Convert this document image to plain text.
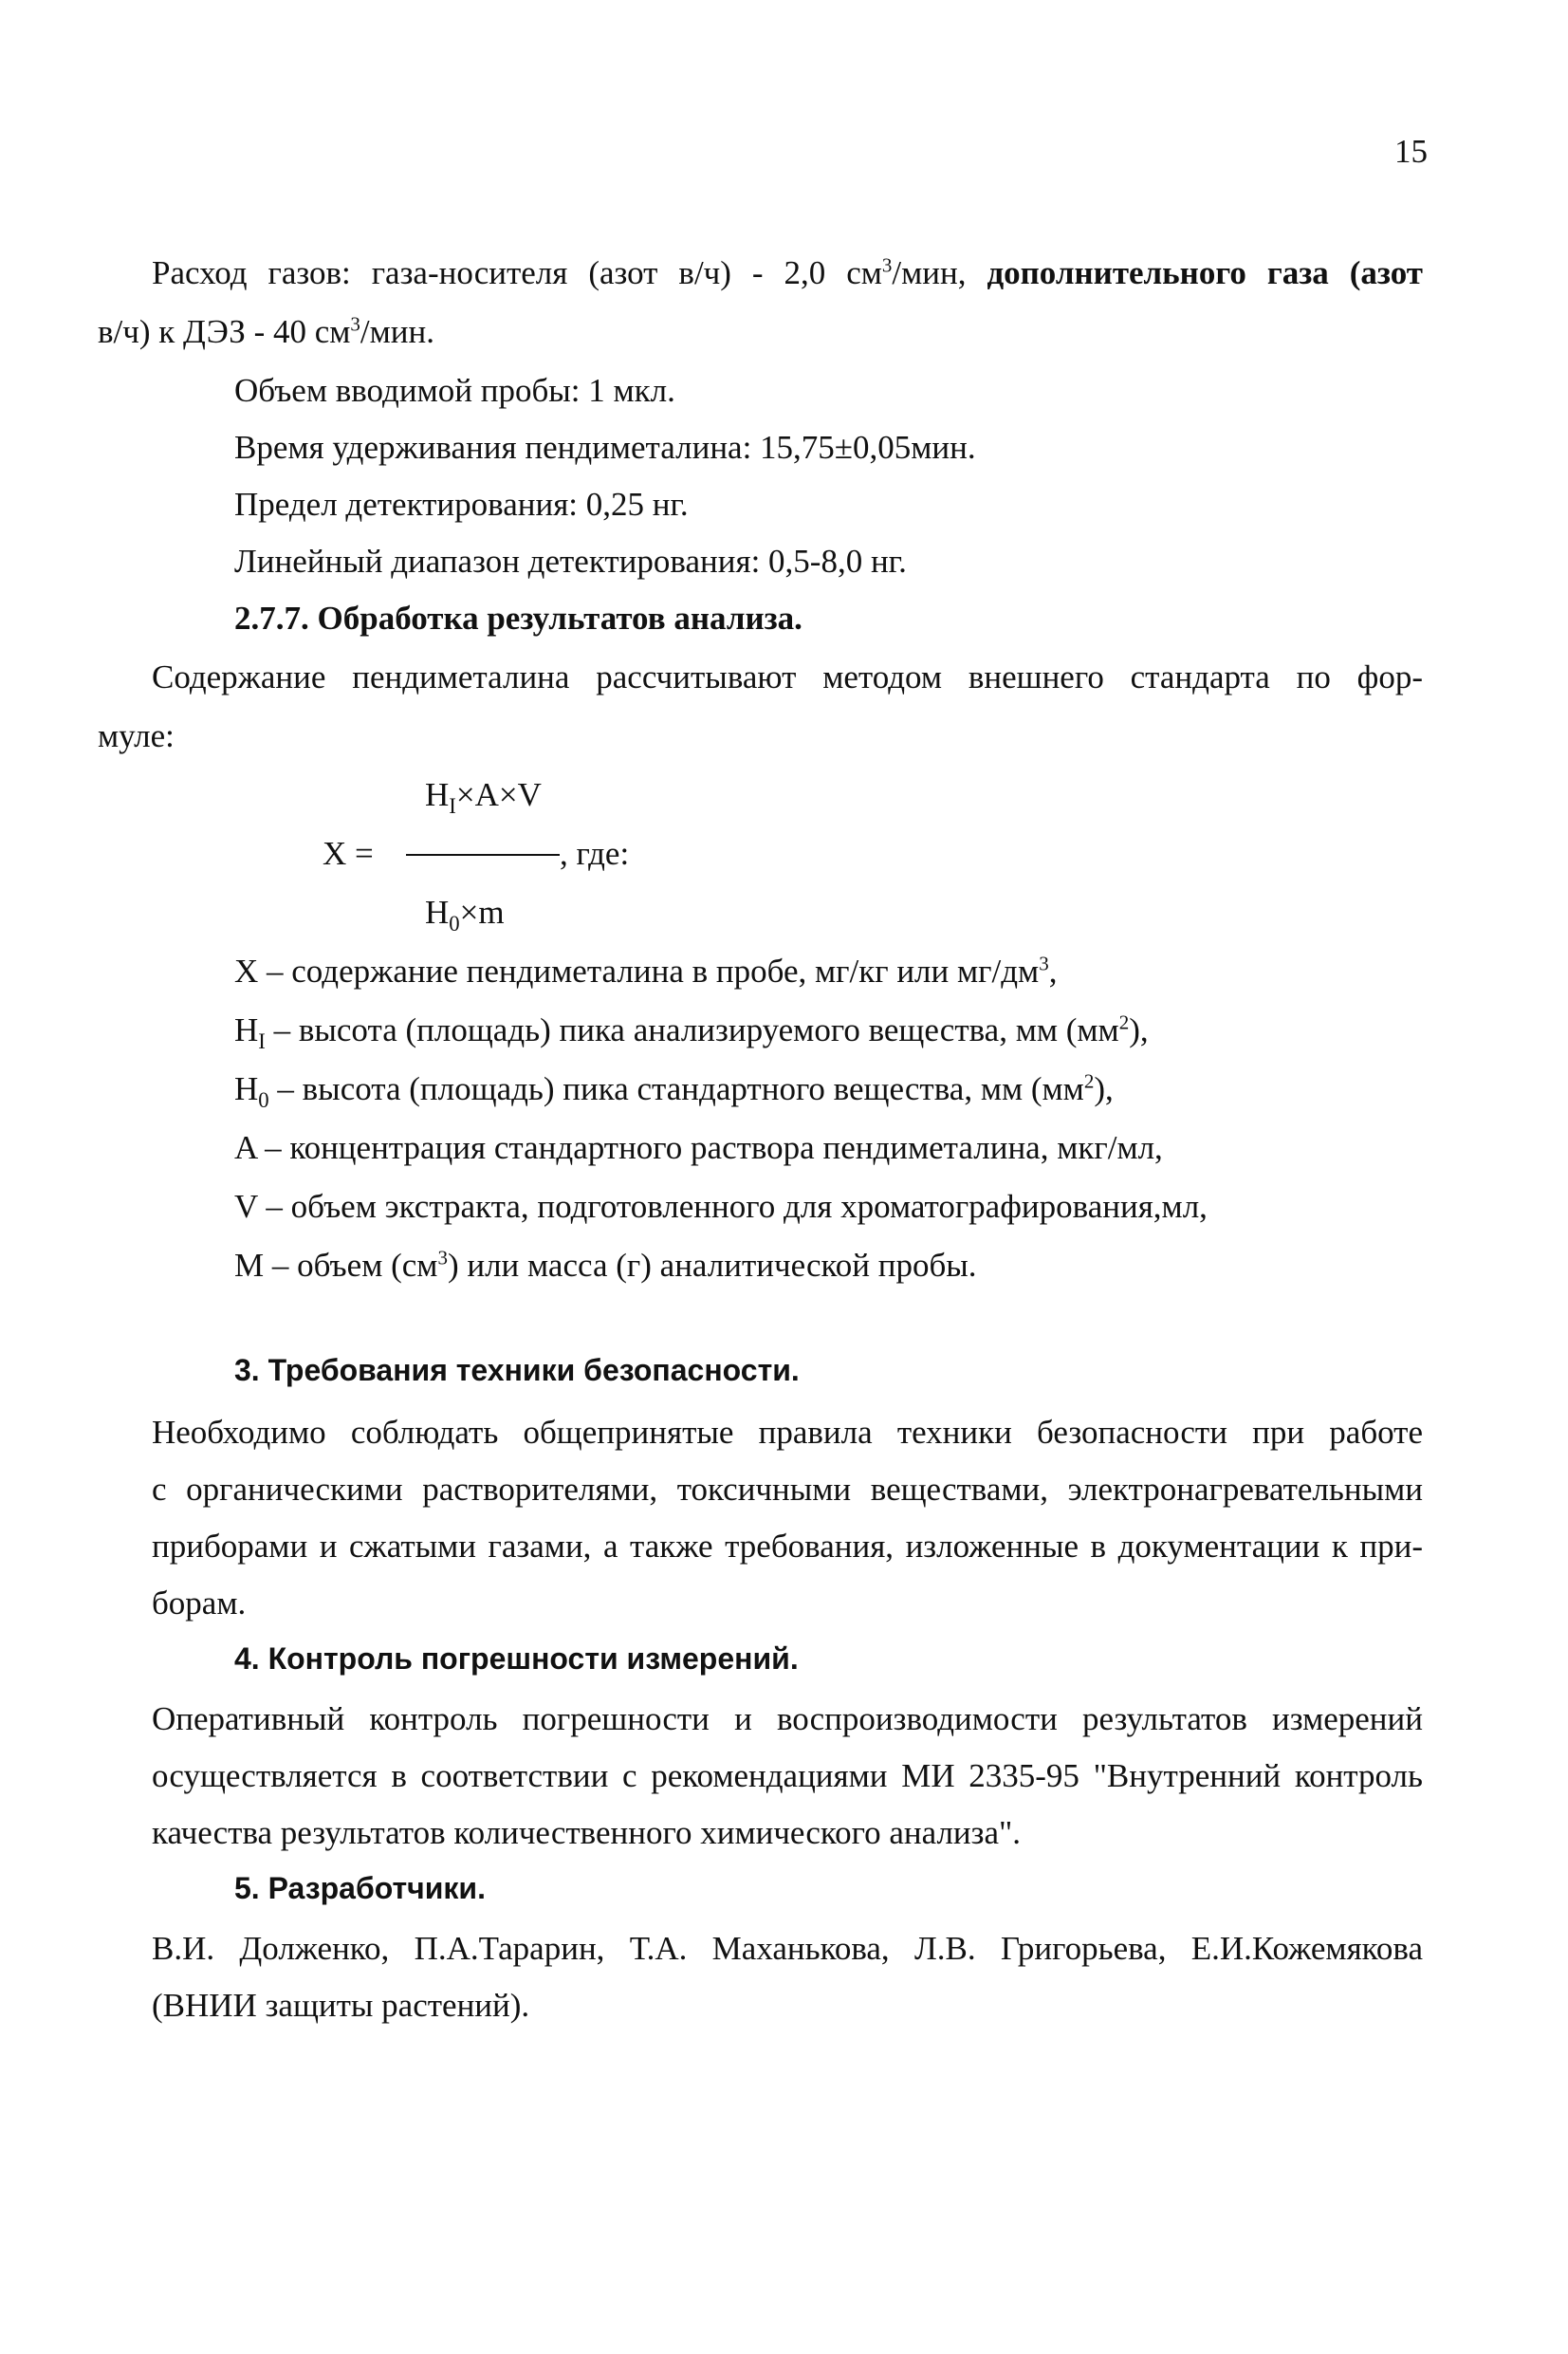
15
Расход газов: газа-носителя (азот в/ч) - 2,0 $см^3$/мин, дополнительного газа (азот
в/ч) к ДЭЗ - 40 $см^3$/мин.
Объем вводимой пробы: 1 мкл.
Время удерживания пендиметалина: 15,75±0,05мин.
Предел детектирования: 0,25 нг.
Линейный диапазон детектирования: 0,5-8,0 нг.
2.7.7. Обработка результатов анализа.
Содержание пендиметалина рассчитывают методом внешнего стандарта по фор-
муле:
$H_I\times A\times V$
X =	, где:
$H_0\times m$
X – содержание пендиметалина в пробе, мг/кг или $мг/дм^3$,
$H_I$ – высота (площадь) пика анализируемого вещества, мм $(мм^2)$,
$H_0$ – высота (площадь) пика стандартного вещества, мм $(мм^2)$,
A – концентрация стандартного раствора пендиметалина, мкг/мл,
V – объем экстракта, подготовленного для хроматографирования,мл,
M – объем $(см^3)$ или масса (г) аналитической пробы.
3. Требования техники безопасности.
Необходимо соблюдать общепринятые правила техники безопасности при работе
с органическими растворителями, токсичными веществами, электронагревательными
приборами и сжатыми газами, а также требования, изложенные в документации к при-
борам.
4. Контроль погрешности измерений.
Оперативный контроль погрешности и воспроизводимости результатов измерений
осуществляется в соответствии с рекомендациями МИ 2335-95 "Внутренний контроль
качества результатов количественного химического анализа".
5. Разработчики.
В.И. Долженко, П.А.Тарарин, Т.А. Маханькова, Л.В. Григорьева, Е.И.Кожемякова
(ВНИИ защиты растений).
